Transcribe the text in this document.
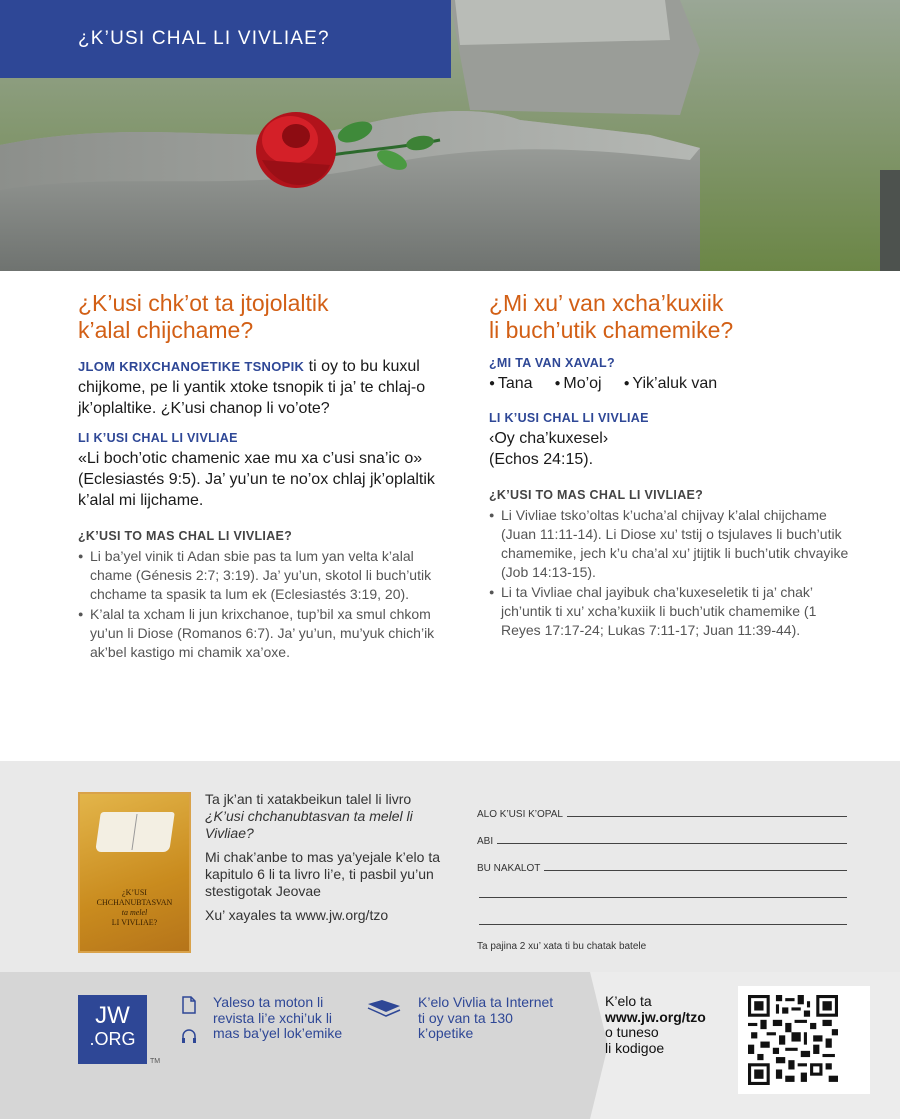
¿K’USI CHAL LI VIVLIAE?
¿K’usi chk’ot ta jtojolaltik
k’alal chijchame?

JLOM KRIXCHANOETIKE TSNOPIK ti oy to bu kuxul chijkome, pe li yantik xtoke tsnopik ti ja’ te chlaj-o jk’oplaltike. ¿K’usi chanop li vo’ote?

LI K’USI CHAL LI VIVLIAE

«Li boch’otic chamenic xae mu xa c’usi sna’ic o» (Eclesiastés 9:5). Ja’ yu’un te no’ox chlaj jk’oplaltik k’alal mi lijchame.

¿K’USI TO MAS CHAL LI VIVLIAE?
● Li ba’yel vinik ti Adan sbie pas ta lum yan velta k’alal chame (Génesis 2:7; 3:19). Ja’ yu’un, skotol li buch’utik chchame ta spasik ta lum ek (Eclesiastés 3:19, 20).
● K’alal ta xcham li jun krixchanoe, tup’bil xa smul chkom yu’un li Diose (Romanos 6:7). Ja’ yu’un, mu’yuk chich’ik ak’bel kastigo mi chamik xa’oxe.
¿Mi xu’ van xcha’kuxiik
li buch’utik chamemike?
¿MI TA VAN XAVAL?
● Tana	● Mo’oj	● Yik’aluk van
LI K’USI CHAL LI VIVLIAE

‹Oy cha’kuxesel›
(Echos 24:15).

¿K’USI TO MAS CHAL LI VIVLIAE?
● Li Vivliae tsko’oltas k’ucha’al chijvay k’alal chijchame (Juan 11:11-14). Li Diose xu’ tstij o tsjulaves li buch’utik chamemike, jech k’u cha’al xu’ jtijtik li buch’utik chvayike (Job 14:13-15).
● Li ta Vivliae chal jayibuk cha’kuxeseletik ti ja’ chak’ jch’untik ti xu’ xcha’kuxiik li buch’utik chamemike (1 Reyes 17:17-24; Lukas 7:11-17; Juan 11:39-44).
¿K’USI
CHCHANUBTASVAN

ta melel
LI VIVLIAE?

Ta jk’an ti xatakbeikun talel li livro
¿K’usi chchanubtasvan ta melel li Vivliae?

Mi chak’anbe to mas ya’yejale k’elo ta kapitulo 6 li ta livro li’e, ti pasbil yu’un stestigotak Jeovae

Xu’ xayales ta www.jw.org/tzo

ALO K’USI K’OPAL
ABI
BU NAKALOT
Ta pajina 2 xu’ xata ti bu chatak batele
JW
.ORG
TM
Yaleso ta moton li revista li’e xchi’uk li mas ba’yel lok’emike
K’elo Vivlia ta Internet ti oy van ta 130 k’opetike
K’elo ta
www.jw.org/tzo
o tuneso
li kodigoe
